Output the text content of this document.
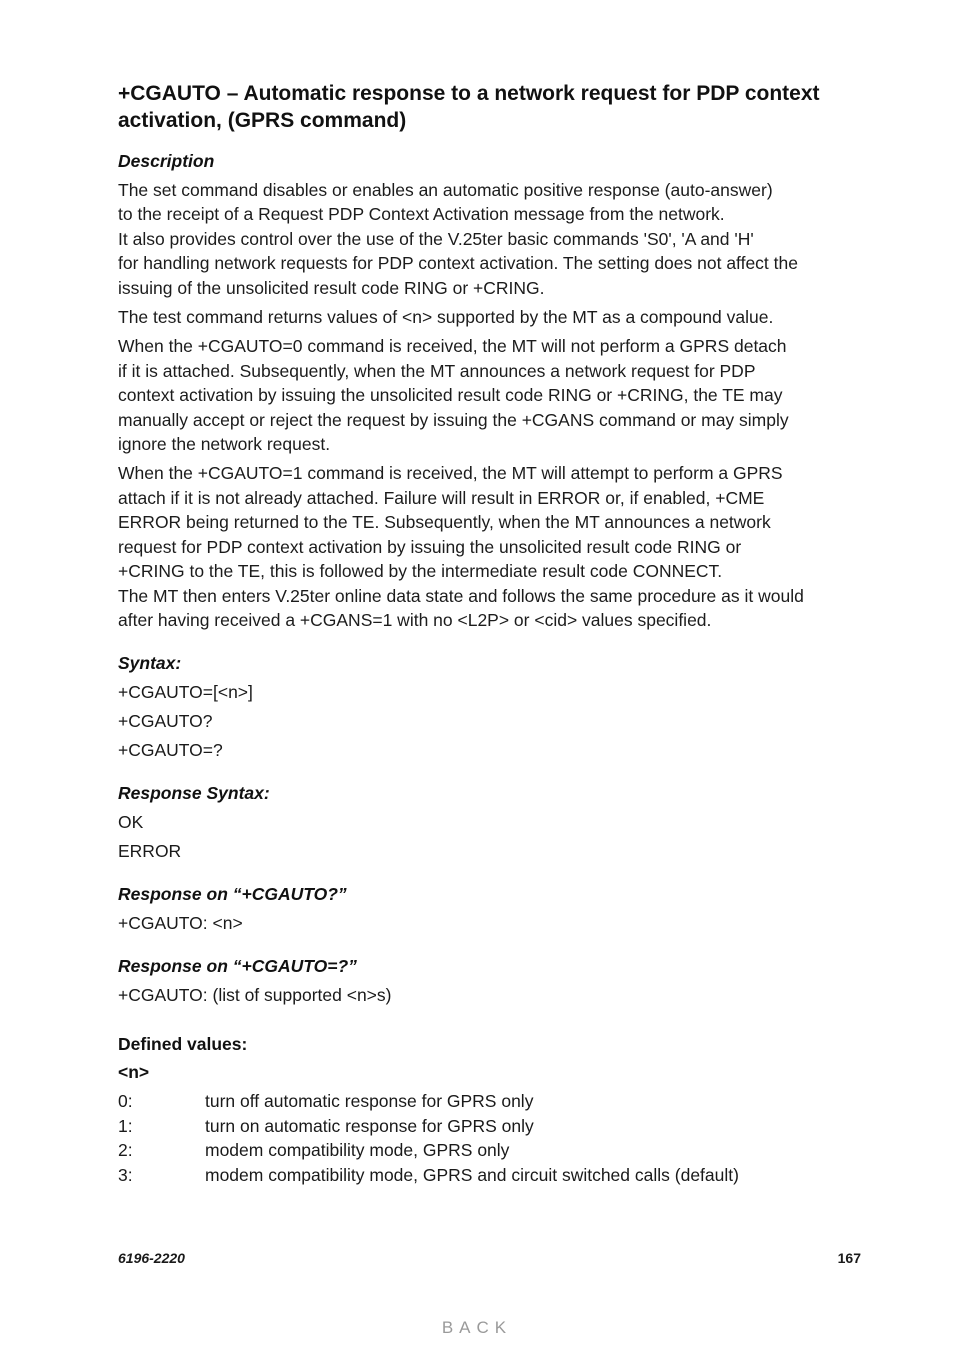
+CGAUTO – Automatic response to a network request for PDP context activation, (GPRS command)
Description

The set command disables or enables an automatic positive response (auto-answer)
to the receipt of a Request PDP Context Activation message from the network.
It also provides control over the use of the V.25ter basic commands 'S0', 'A and 'H'
for handling network requests for PDP context activation. The setting does not affect the
issuing of the unsolicited result code RING or +CRING.

The test command returns values of <n> supported by the MT as a compound value.

When the +CGAUTO=0 command is received, the MT will not perform a GPRS detach
if it is attached. Subsequently, when the MT announces a network request for PDP
context activation by issuing the unsolicited result code RING or +CRING, the TE may
manually accept or reject the request by issuing the +CGANS command or may simply
ignore the network request.

When the +CGAUTO=1 command is received, the MT will attempt to perform a GPRS
attach if it is not already attached. Failure will result in ERROR or, if enabled, +CME
ERROR being returned to the TE. Subsequently, when the MT announces a network
request for PDP context activation by issuing the unsolicited result code RING or
+CRING to the TE, this is followed by the intermediate result code CONNECT.
The MT then enters V.25ter online data state and follows the same procedure as it would
after having received a +CGANS=1 with no <L2P> or <cid> values specified.

Syntax:
+CGAUTO=[<n>]
+CGAUTO?
+CGAUTO=?
Response Syntax:
OK
ERROR
Response on “+CGAUTO?”
+CGAUTO: <n>
Response on “+CGAUTO=?”
+CGAUTO: (list of supported <n>s)
Defined values:
<n>
0:	turn off automatic response for GPRS only
1:	turn on automatic response for GPRS only
2:	modem compatibility mode, GPRS only
3:	modem compatibility mode, GPRS and circuit switched calls (default)
6196-2220	167
BACK
